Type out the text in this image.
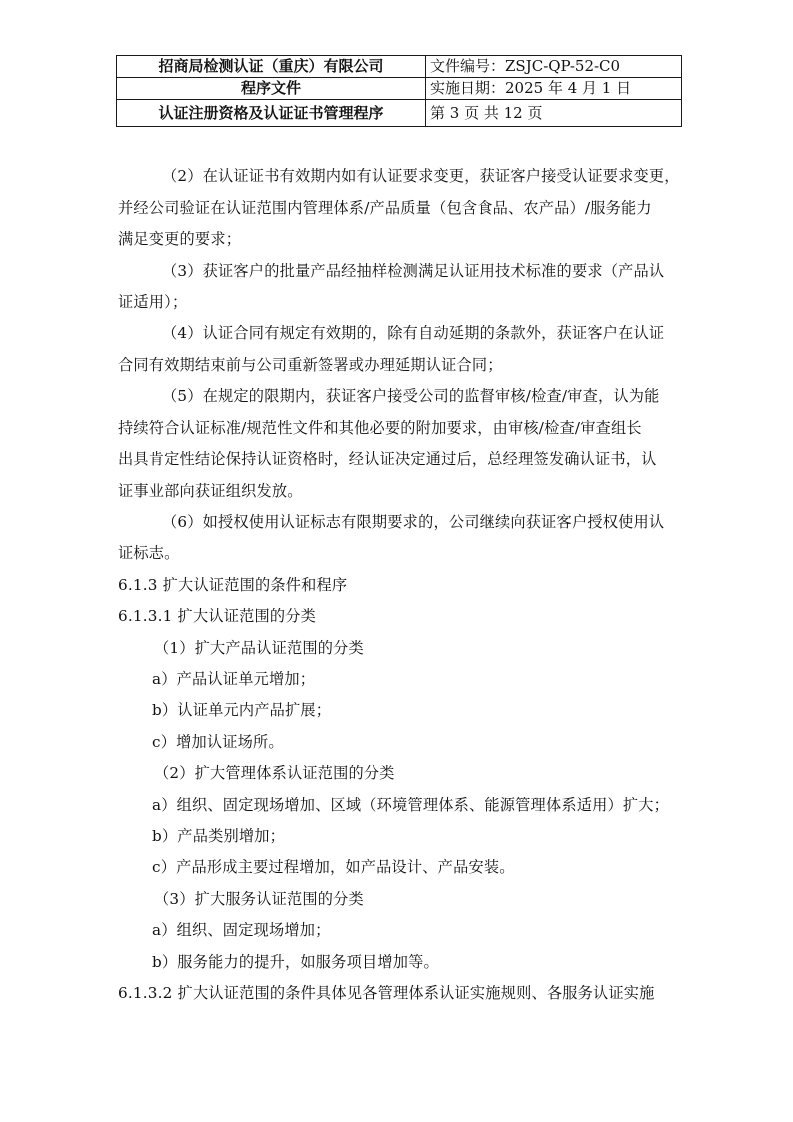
招商局检测认证（重庆）有限公司	文件编号：ZSJC-QP-52-C0
程序文件	实施日期：2025 年 4 月 1 日
认证注册资格及认证证书管理程序	第 3 页 共 12 页
（2）在认证证书有效期内如有认证要求变更，获证客户接受认证要求变更，
并经公司验证在认证范围内管理体系/产品质量（包含食品、农产品）/服务能力
满足变更的要求；
（3）获证客户的批量产品经抽样检测满足认证用技术标准的要求（产品认
证适用）；
（4）认证合同有规定有效期的，除有自动延期的条款外，获证客户在认证
合同有效期结束前与公司重新签署或办理延期认证合同；
（5）在规定的限期内，获证客户接受公司的监督审核/检查/审查，认为能
持续符合认证标准/规范性文件和其他必要的附加要求，由审核/检查/审查组长
出具肯定性结论保持认证资格时，经认证决定通过后，总经理签发确认证书，认
证事业部向获证组织发放。
（6）如授权使用认证标志有限期要求的，公司继续向获证客户授权使用认
证标志。
6.1.3 扩大认证范围的条件和程序
6.1.3.1 扩大认证范围的分类
（1）扩大产品认证范围的分类
a）产品认证单元增加；
b）认证单元内产品扩展；
c）增加认证场所。
（2）扩大管理体系认证范围的分类
a）组织、固定现场增加、区域（环境管理体系、能源管理体系适用）扩大；
b）产品类别增加；
c）产品形成主要过程增加，如产品设计、产品安装。
（3）扩大服务认证范围的分类
a）组织、固定现场增加；
b）服务能力的提升，如服务项目增加等。
6.1.3.2 扩大认证范围的条件具体见各管理体系认证实施规则、各服务认证实施
